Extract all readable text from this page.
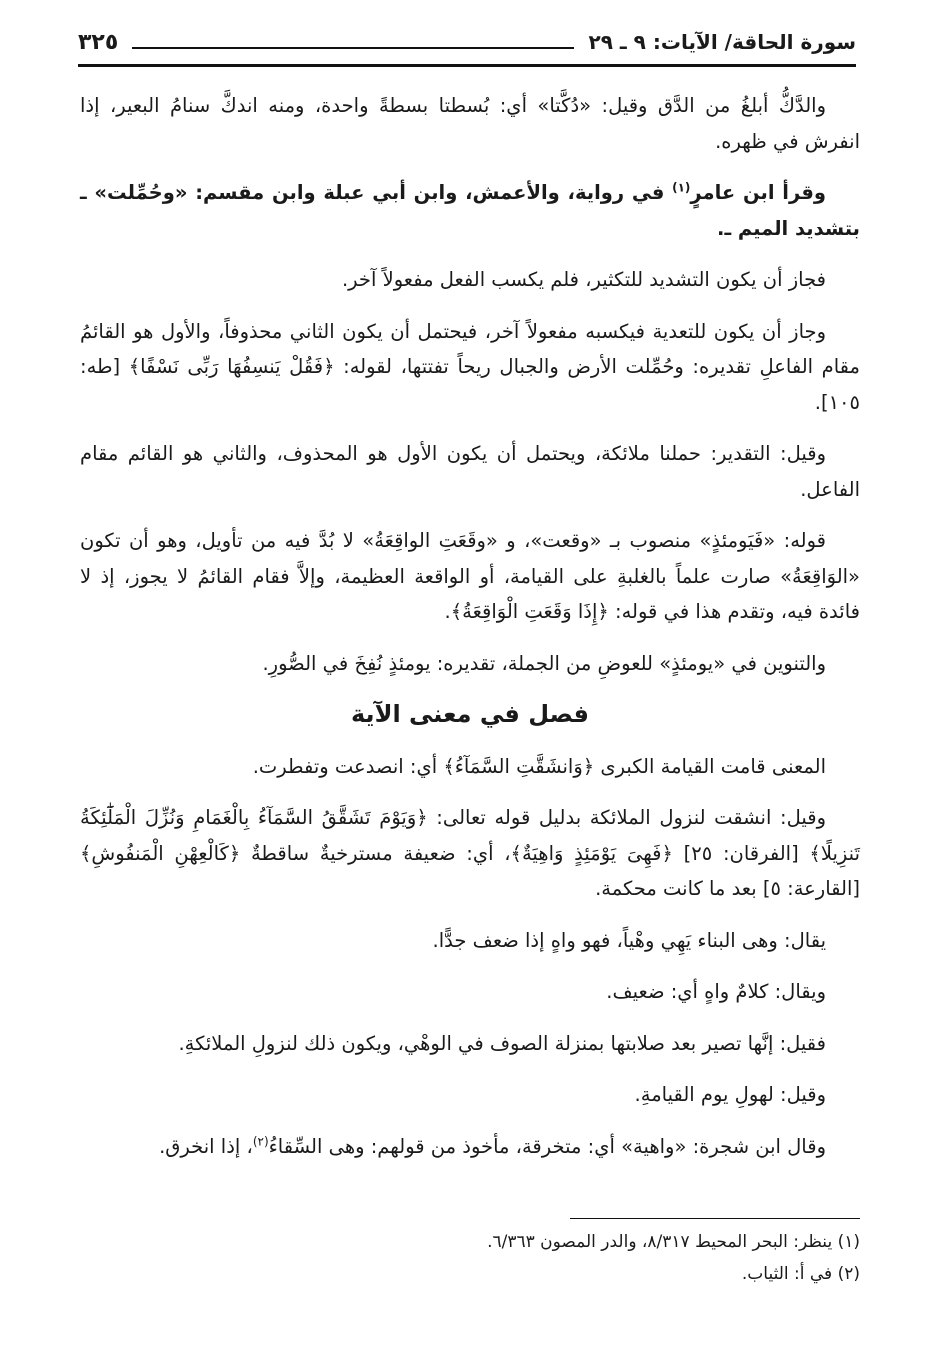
سورة الحاقة/ الآيات: ٩ ـ ٢٩
٣٢٥

والدَّكُّ أبلغُ من الدَّق وقيل: «دُكَّتا» أي: بُسطتا بسطةً واحدة، ومنه اندكَّ سنامُ البعير، إذا انفرش في ظهره.

وقرأ ابن عامرٍ$^{(١)}$ في رواية، والأعمش، وابن أبي عبلة وابن مقسم: «وحُمِّلت» ـ بتشديد الميم ـ.

فجاز أن يكون التشديد للتكثير، فلم يكسب الفعل مفعولاً آخر.

وجاز أن يكون للتعدية فيكسبه مفعولاً آخر، فيحتمل أن يكون الثاني محذوفاً، والأول هو القائمُ مقام الفاعلِ تقديره: وحُمِّلت الأرض والجبال ريحاً تفتتها، لقوله: ﴿فَقُلْ يَنسِفُهَا رَبِّى نَسْفًا﴾ [طه: ١٠٥].

وقيل: التقدير: حملنا ملائكة، ويحتمل أن يكون الأول هو المحذوف، والثاني هو القائم مقام الفاعل.

قوله: «فَيَومئذٍ» منصوب بـ «وقعت»، و «وقَعَتِ الواقِعَةُ» لا بُدَّ فيه من تأويل، وهو أن تكون «الوَاقِعَةُ» صارت علماً بالغلبةِ على القيامة، أو الواقعة العظيمة، وإلاَّ فقام القائمُ لا يجوز، إذ لا فائدة فيه، وتقدم هذا في قوله: ﴿إِذَا وَقَعَتِ الْوَاقِعَةُ﴾.

والتنوين في «يومئذٍ» للعوضِ من الجملة، تقديره: يومئذٍ نُفِخَ في الصُّورِ.

فصل في معنى الآية

المعنى قامت القيامة الكبرى ﴿وَانشَقَّتِ السَّمَآءُ﴾ أي: انصدعت وتفطرت.

وقيل: انشقت لنزول الملائكة بدليل قوله تعالى: ﴿وَيَوْمَ تَشَقَّقُ السَّمَآءُ بِالْغَمَامِ وَنُزِّلَ الْمَلَٰٓئِكَةُ تَنزِيلًا﴾ [الفرقان: ٢٥] ﴿فَهِىَ يَوْمَئِذٍ وَاهِيَةٌ﴾، أي: ضعيفة مسترخيةٌ ساقطةٌ ﴿كَالْعِهْنِ الْمَنفُوشِ﴾ [القارعة: ٥] بعد ما كانت محكمة.

يقال: وهى البناء يَهِي وهْياً، فهو واهٍ إذا ضعف جدًّا.

ويقال: كلامٌ واهٍ أي: ضعيف.

فقيل: إنَّها تصير بعد صلابتها بمنزلة الصوف في الوهْي، ويكون ذلك لنزولِ الملائكةِ.

وقيل: لهولِ يوم القيامةِ.

وقال ابن شجرة: «واهية» أي: متخرقة، مأخوذ من قولهم: وهى السِّقاءُ$^{(٢)}$، إذا انخرق.

(١) ينظر: البحر المحيط ٨/٣١٧، والدر المصون ٦/٣٦٣.
(٢) في أ: الثياب.
